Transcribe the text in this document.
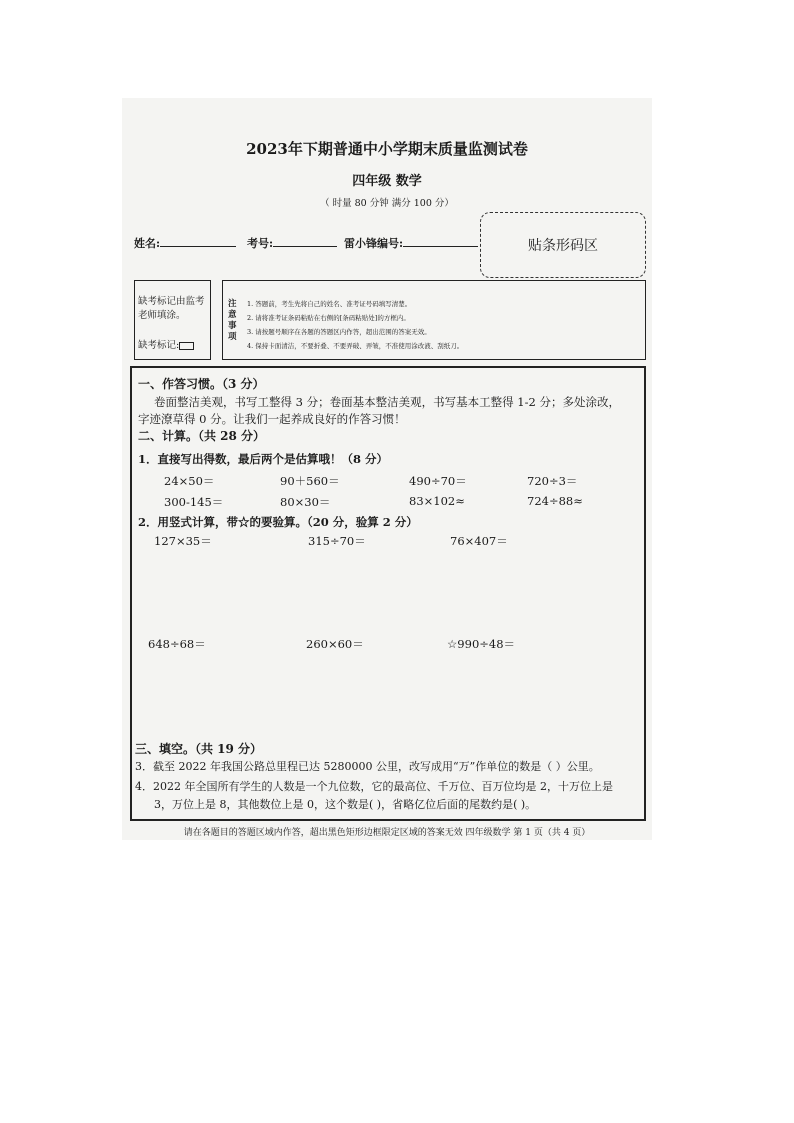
2023年下期普通中小学期末质量监测试卷
四年级 数学
（ 时量 80 分钟 满分 100 分）
姓名:	考号:	雷小锋编号:	贴条形码区
缺考标记由监考老师填涂。
缺考标记:
注意事项
1. 答题前，考生先将自己的姓名、准考证号码填写清楚。
2. 请将准考证条码粘贴在右侧的[条码粘贴处]的方框内。
3. 请按题号顺序在各题的答题区内作答，超出范围的答案无效。
4. 保持卡面清洁，不要折叠、不要弄破、弄皱，不准使用涂改液、刮纸刀。
一、作答习惯。（3 分）
卷面整洁美观，书写工整得 3 分；卷面基本整洁美观，书写基本工整得 1-2 分；多处涂改，
字迹潦草得 0 分。让我们一起养成良好的作答习惯！
二、计算。（共 28 分）
1．直接写出得数，最后两个是估算哦！（8 分）
24×50＝	90＋560＝	490÷70＝	720÷3＝
300-145＝	80×30＝	83×102≈	724÷88≈
2．用竖式计算，带☆的要验算。（20 分，验算 2 分）
127×35＝	315÷70＝	76×407＝
648÷68＝	260×60＝	☆990÷48＝
三、填空。（共 19 分）
3．截至 2022 年我国公路总里程已达 5280000 公里，改写成用“万”作单位的数是（ ）公里。
4．2022 年全国所有学生的人数是一个九位数，它的最高位、千万位、百万位均是 2，十万位上是
3，万位上是 8，其他数位上是 0，这个数是( )，省略亿位后面的尾数约是( )。
请在各题目的答题区域内作答，超出黑色矩形边框限定区域的答案无效 四年级数学 第 1 页（共 4 页）
